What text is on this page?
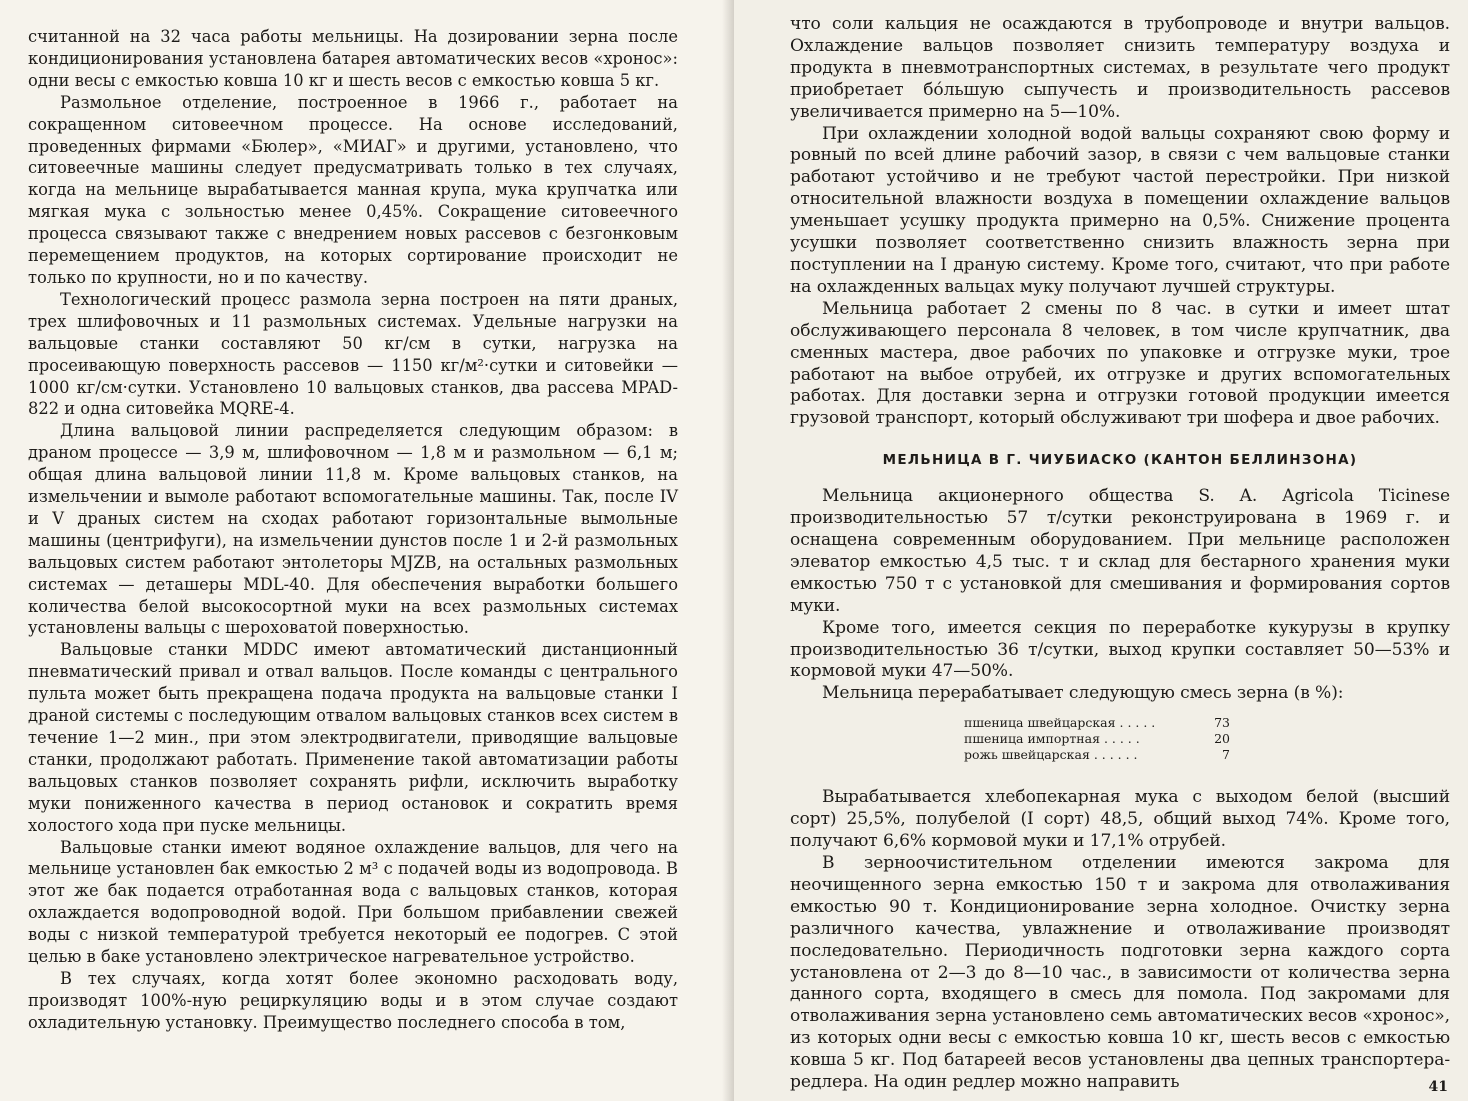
считанной на 32 часа работы мельницы. На дозировании зерна после кондиционирования установлена батарея автоматических весов «хронос»: одни весы с емкостью ковша 10 кг и шесть весов с емкостью ковша 5 кг.

Размольное отделение, построенное в 1966 г., работает на сокращенном ситовеечном процессе. На основе исследований, проведенных фирмами «Бюлер», «МИАГ» и другими, установлено, что ситовеечные машины следует предусматривать только в тех случаях, когда на мельнице вырабатывается манная крупа, мука крупчатка или мягкая мука с зольностью менее 0,45%. Сокращение ситовеечного процесса связывают также с внедрением новых рассевов с безгонковым перемещением продуктов, на которых сортирование происходит не только по крупности, но и по качеству.

Технологический процесс размола зерна построен на пяти драных, трех шлифовочных и 11 размольных системах. Удельные нагрузки на вальцовые станки составляют 50 кг/см в сутки, нагрузка на просеивающую поверхность рассевов — 1150 кг/м²·сутки и ситовейки — 1000 кг/см·сутки. Установлено 10 вальцовых станков, два рассева MPAD-822 и одна ситовейка MQRE-4.

Длина вальцовой линии распределяется следующим образом: в драном процессе — 3,9 м, шлифовочном — 1,8 м и размольном — 6,1 м; общая длина вальцовой линии 11,8 м. Кроме вальцовых станков, на измельчении и вымоле работают вспомогательные машины. Так, после IV и V драных систем на сходах работают горизонтальные вымольные машины (центрифуги), на измельчении дунстов после 1 и 2-й размольных вальцовых систем работают энтолеторы MJZB, на остальных размольных системах — деташеры MDL-40. Для обеспечения выработки большего количества белой высокосортной муки на всех размольных системах установлены вальцы с шероховатой поверхностью.

Вальцовые станки MDDC имеют автоматический дистанционный пневматический привал и отвал вальцов. После команды с центрального пульта может быть прекращена подача продукта на вальцовые станки I драной системы с последующим отвалом вальцовых станков всех систем в течение 1—2 мин., при этом электродвигатели, приводящие вальцовые станки, продолжают работать. Применение такой автоматизации работы вальцовых станков позволяет сохранять рифли, исключить выработку муки пониженного качества в период остановок и сократить время холостого хода при пуске мельницы.

Вальцовые станки имеют водяное охлаждение вальцов, для чего на мельнице установлен бак емкостью 2 м³ с подачей воды из водопровода. В этот же бак подается отработанная вода с вальцовых станков, которая охлаждается водопроводной водой. При большом прибавлении свежей воды с низкой температурой требуется некоторый ее подогрев. С этой целью в баке установлено электрическое нагревательное устройство.

В тех случаях, когда хотят более экономно расходовать воду, производят 100%-ную рециркуляцию воды и в этом случае создают охладительную установку. Преимущество последнего способа в том,

что соли кальция не осаждаются в трубопроводе и внутри вальцов. Охлаждение вальцов позволяет снизить температуру воздуха и продукта в пневмотранспортных системах, в результате чего продукт приобретает бо́льшую сыпучесть и производительность рассевов увеличивается примерно на 5—10%.

При охлаждении холодной водой вальцы сохраняют свою форму и ровный по всей длине рабочий зазор, в связи с чем вальцовые станки работают устойчиво и не требуют частой перестройки. При низкой относительной влажности воздуха в помещении охлаждение вальцов уменьшает усушку продукта примерно на 0,5%. Снижение процента усушки позволяет соответственно снизить влажность зерна при поступлении на I драную систему. Кроме того, считают, что при работе на охлажденных вальцах муку получают лучшей структуры.

Мельница работает 2 смены по 8 час. в сутки и имеет штат обслуживающего персонала 8 человек, в том числе крупчатник, два сменных мастера, двое рабочих по упаковке и отгрузке муки, трое работают на выбое отрубей, их отгрузке и других вспомогательных работах. Для доставки зерна и отгрузки готовой продукции имеется грузовой транспорт, который обслуживают три шофера и двое рабочих.

МЕЛЬНИЦА В Г. ЧИУБИАСКО (КАНТОН БЕЛЛИНЗОНА)

Мельница акционерного общества S. A. Agricola Ticinese производительностью 57 т/сутки реконструирована в 1969 г. и оснащена современным оборудованием. При мельнице расположен элеватор емкостью 4,5 тыс. т и склад для бестарного хранения муки емкостью 750 т с установкой для смешивания и формирования сортов муки.

Кроме того, имеется секция по переработке кукурузы в крупку производительностью 36 т/сутки, выход крупки составляет 50—53% и кормовой муки 47—50%.

Мельница перерабатывает следующую смесь зерна (в %):

пшеница швейцарская . . . . .	73
пшеница импортная . . . . .	20
рожь швейцарская . . . . . .	7

Вырабатывается хлебопекарная мука с выходом белой (высший сорт) 25,5%, полубелой (I сорт) 48,5, общий выход 74%. Кроме того, получают 6,6% кормовой муки и 17,1% отрубей.

В зерноочистительном отделении имеются закрома для неочищенного зерна емкостью 150 т и закрома для отволаживания емкостью 90 т. Кондиционирование зерна холодное. Очистку зерна различного качества, увлажнение и отволаживание производят последовательно. Периодичность подготовки зерна каждого сорта установлена от 2—3 до 8—10 час., в зависимости от количества зерна данного сорта, входящего в смесь для помола. Под закромами для отволаживания зерна установлено семь автоматических весов «хронос», из которых одни весы с емкостью ковша 10 кг, шесть весов с емкостью ковша 5 кг. Под батареей весов установлены два цепных транспортера-редлера. На один редлер можно направить	41
